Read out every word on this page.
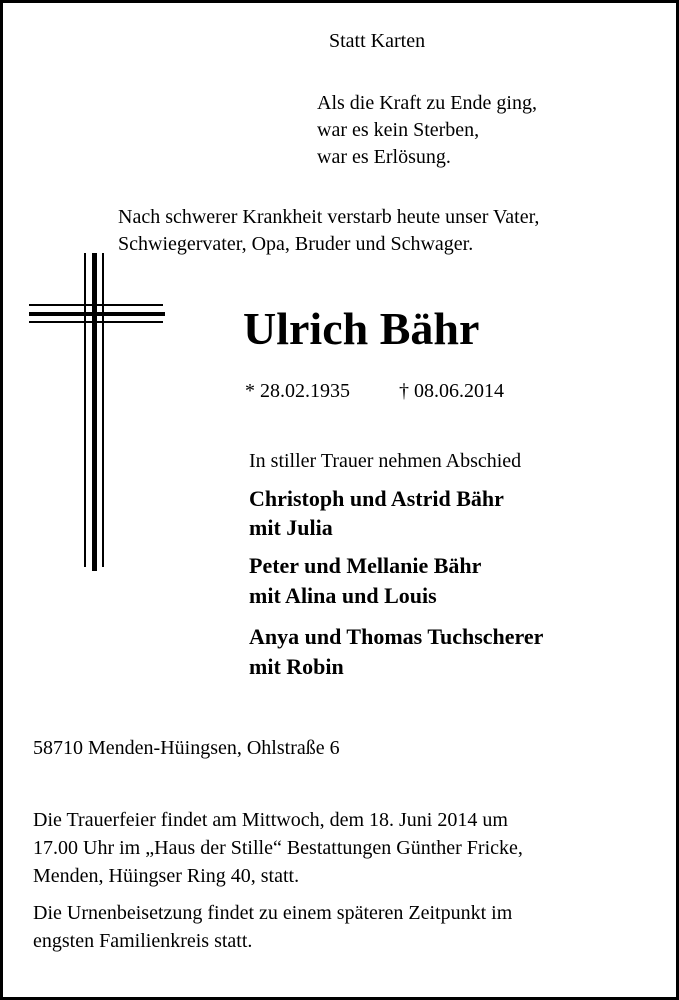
Statt Karten
Als die Kraft zu Ende ging,
war es kein Sterben,
war es Erlösung.
Nach schwerer Krankheit verstarb heute unser Vater,
Schwiegervater, Opa, Bruder und Schwager.
Ulrich Bähr
* 28.02.1935 † 08.06.2014
In stiller Trauer nehmen Abschied
Christoph und Astrid Bähr
mit Julia
Peter und Mellanie Bähr
mit Alina und Louis
Anya und Thomas Tuchscherer
mit Robin
58710 Menden-Hüingsen, Ohlstraße 6
Die Trauerfeier findet am Mittwoch, dem 18. Juni 2014 um
17.00 Uhr im „Haus der Stille“ Bestattungen Günther Fricke,
Menden, Hüingser Ring 40, statt.
Die Urnenbeisetzung findet zu einem späteren Zeitpunkt im
engsten Familienkreis statt.
